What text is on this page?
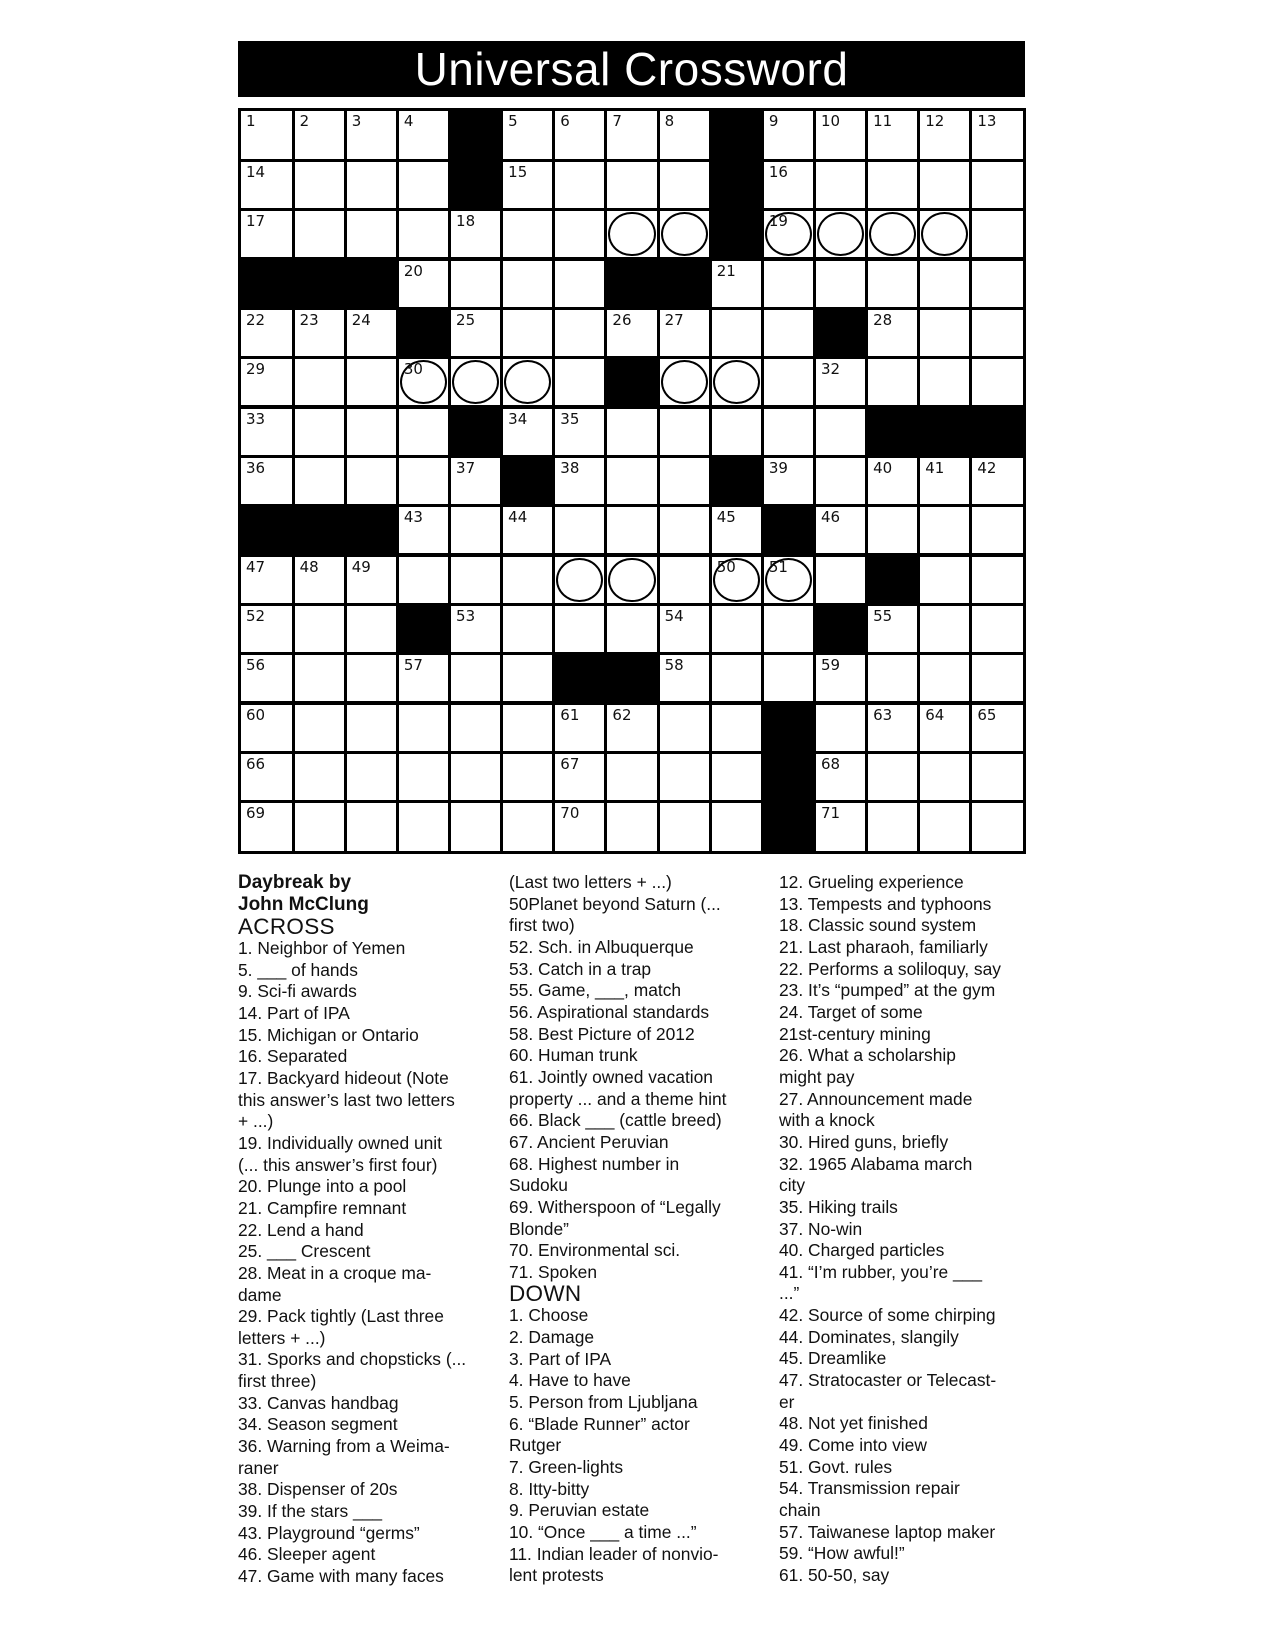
Universal Crossword
1	2	3	4	5	6	7	8	9	10 11 12 13
14	15	16
17	18	19
20	21
22 23 24	25	26 27	28
29	30	32
33	34 35
36	37	38	39	40 41 42
43	44	45	46
47 48 49	50 51
52	53	54	55
56	57	58	59
60	61 62	63 64 65
66	67	68
69	70	71
Daybreak by
John McClung
ACROSS
1. Neighbor of Yemen
5. ___ of hands
9. Sci-fi awards
14. Part of IPA
15. Michigan or Ontario
16. Separated
17. Backyard hideout (Note
this answer’s last two letters
+ ...)
19. Individually owned unit
(... this answer’s first four)
20. Plunge into a pool
21. Campfire remnant
22. Lend a hand
25. ___ Crescent
28. Meat in a croque ma-
dame
29. Pack tightly (Last three
letters + ...)
31. Sporks and chopsticks (...
first three)
33. Canvas handbag
34. Season segment
36. Warning from a Weima-
raner
38. Dispenser of 20s
39. If the stars ___
43. Playground “germs”
46. Sleeper agent
47. Game with many faces
(Last two letters + ...)
50Planet beyond Saturn (...
first two)
52. Sch. in Albuquerque
53. Catch in a trap
55. Game, ___, match
56. Aspirational standards
58. Best Picture of 2012
60. Human trunk
61. Jointly owned vacation
property ... and a theme hint
66. Black ___ (cattle breed)
67. Ancient Peruvian
68. Highest number in
Sudoku
69. Witherspoon of “Legally
Blonde”
70. Environmental sci.
71. Spoken
DOWN
1. Choose
2. Damage
3. Part of IPA
4. Have to have
5. Person from Ljubljana
6. “Blade Runner” actor
Rutger
7. Green-lights
8. Itty-bitty
9. Peruvian estate
10. “Once ___ a time ...”
11. Indian leader of nonvio-
lent protests
12. Grueling experience
13. Tempests and typhoons
18. Classic sound system
21. Last pharaoh, familiarly
22. Performs a soliloquy, say
23. It’s “pumped” at the gym
24. Target of some
21st-century mining
26. What a scholarship
might pay
27. Announcement made
with a knock
30. Hired guns, briefly
32. 1965 Alabama march
city
35. Hiking trails
37. No-win
40. Charged particles
41. “I’m rubber, you’re ___
...”
42. Source of some chirping
44. Dominates, slangily
45. Dreamlike
47. Stratocaster or Telecast-
er
48. Not yet finished
49. Come into view
51. Govt. rules
54. Transmission repair
chain
57. Taiwanese laptop maker
59. “How awful!”
61. 50-50, say
